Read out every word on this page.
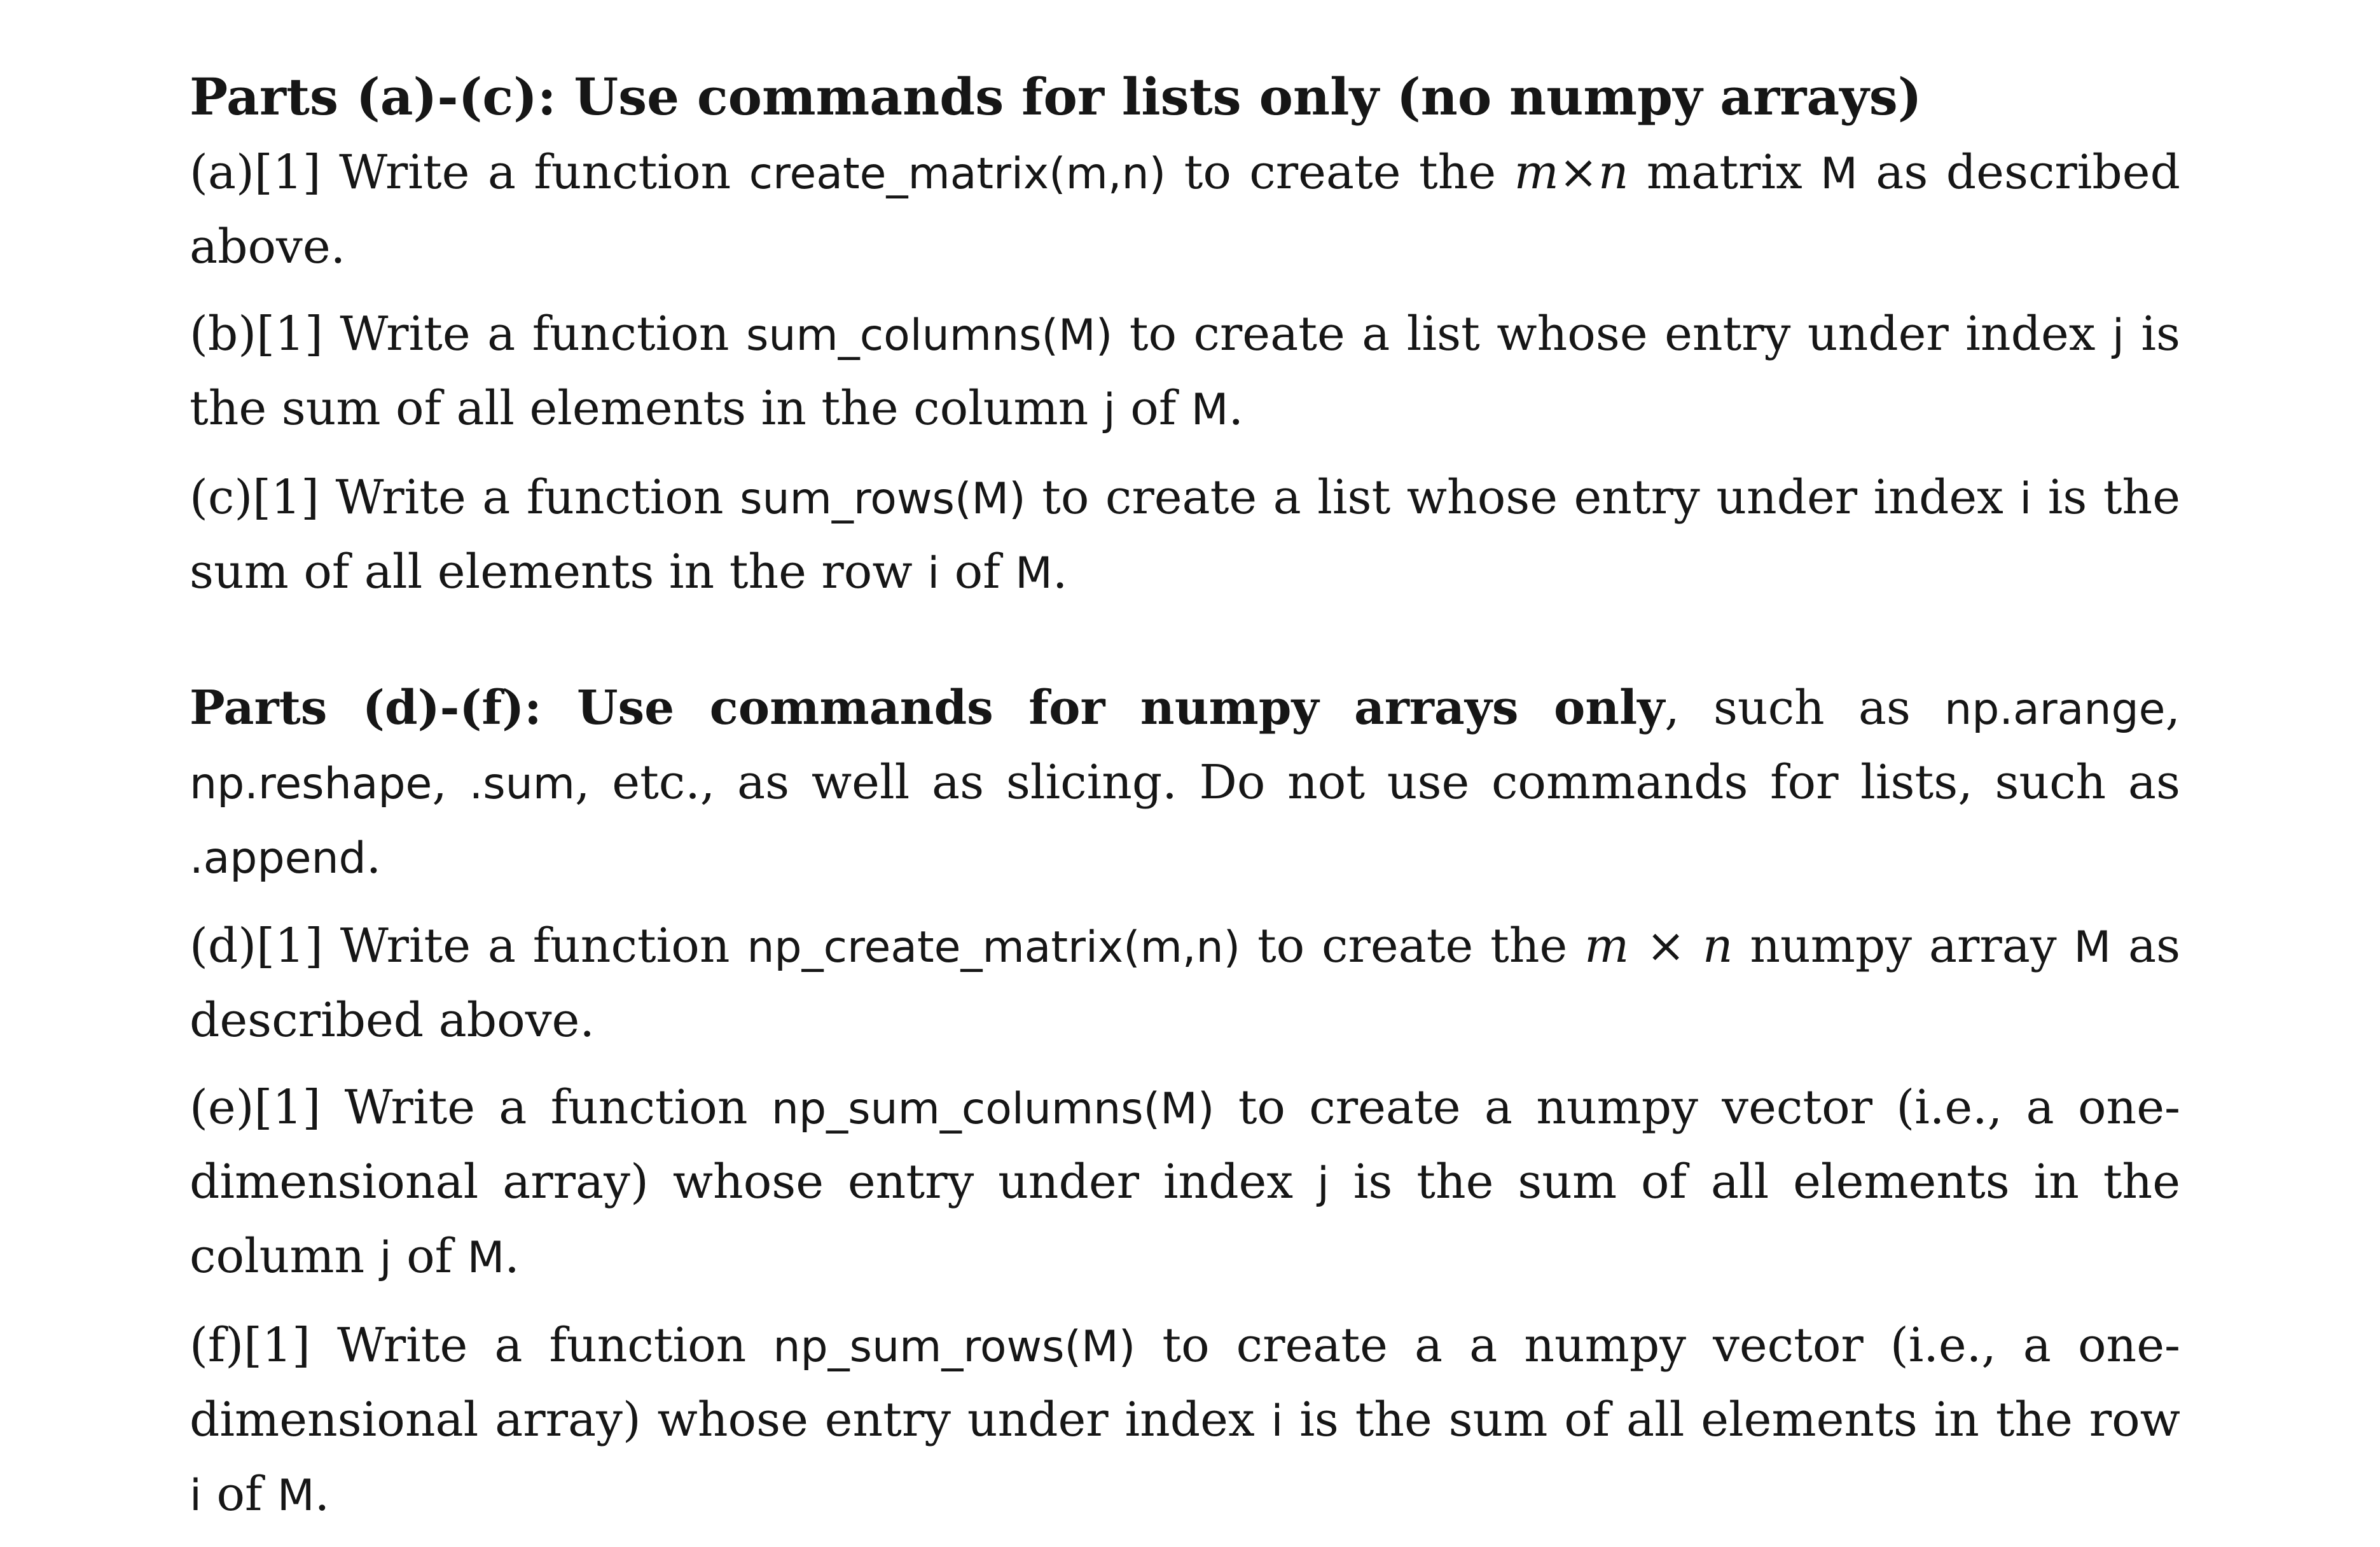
Parts (a)-(c): Use commands for lists only (no numpy arrays)

(a)[1] Write a function create_matrix(m,n) to create the m×n matrix M as described above.

(b)[1] Write a function sum_columns(M) to create a list whose entry under index j is the sum of all elements in the column j of M.

(c)[1] Write a function sum_rows(M) to create a list whose entry under index i is the sum of all elements in the row i of M.

Parts (d)-(f): Use commands for numpy arrays only, such as np.arange, np.reshape, .sum, etc., as well as slicing. Do not use commands for lists, such as .append.

(d)[1] Write a function np_create_matrix(m,n) to create the m × n numpy array M as described above.

(e)[1] Write a function np_sum_columns(M) to create a numpy vector (i.e., a one-dimensional array) whose entry under index j is the sum of all elements in the column j of M.

(f)[1] Write a function np_sum_rows(M) to create a a numpy vector (i.e., a one-dimensional array) whose entry under index i is the sum of all elements in the row i of M.
